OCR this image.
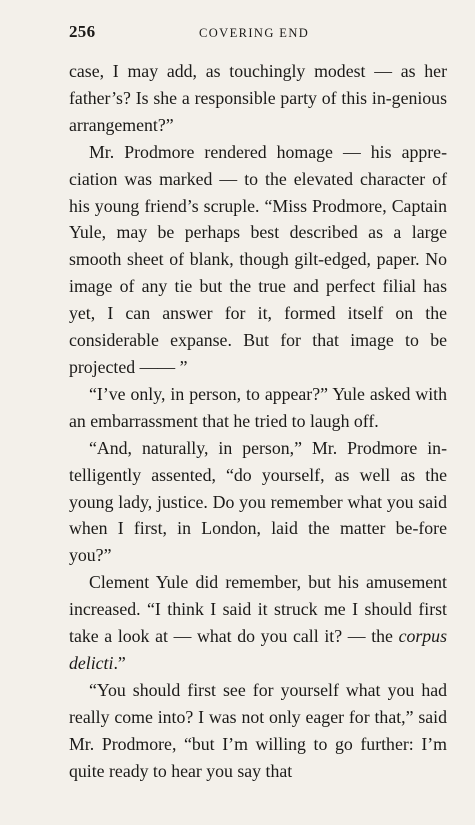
256	COVERING END

case, I may add, as touchingly modest — as her father’s? Is she a responsible party of this in-genious arrangement?”

Mr. Prodmore rendered homage — his appre-ciation was marked — to the elevated character of his young friend’s scruple. “Miss Prodmore, Captain Yule, may be perhaps best described as a large smooth sheet of blank, though gilt-edged, paper. No image of any tie but the true and perfect filial has yet, I can answer for it, formed itself on the considerable expanse. But for that image to be projected —— ”

“I’ve only, in person, to appear?” Yule asked with an embarrassment that he tried to laugh off.

“And, naturally, in person,” Mr. Prodmore in-telligently assented, “do yourself, as well as the young lady, justice. Do you remember what you said when I first, in London, laid the matter be-fore you?”

Clement Yule did remember, but his amusement increased. “I think I said it struck me I should first take a look at — what do you call it? — the corpus delicti.”

“You should first see for yourself what you had really come into? I was not only eager for that,” said Mr. Prodmore, “but I’m willing to go further: I’m quite ready to hear you say that
